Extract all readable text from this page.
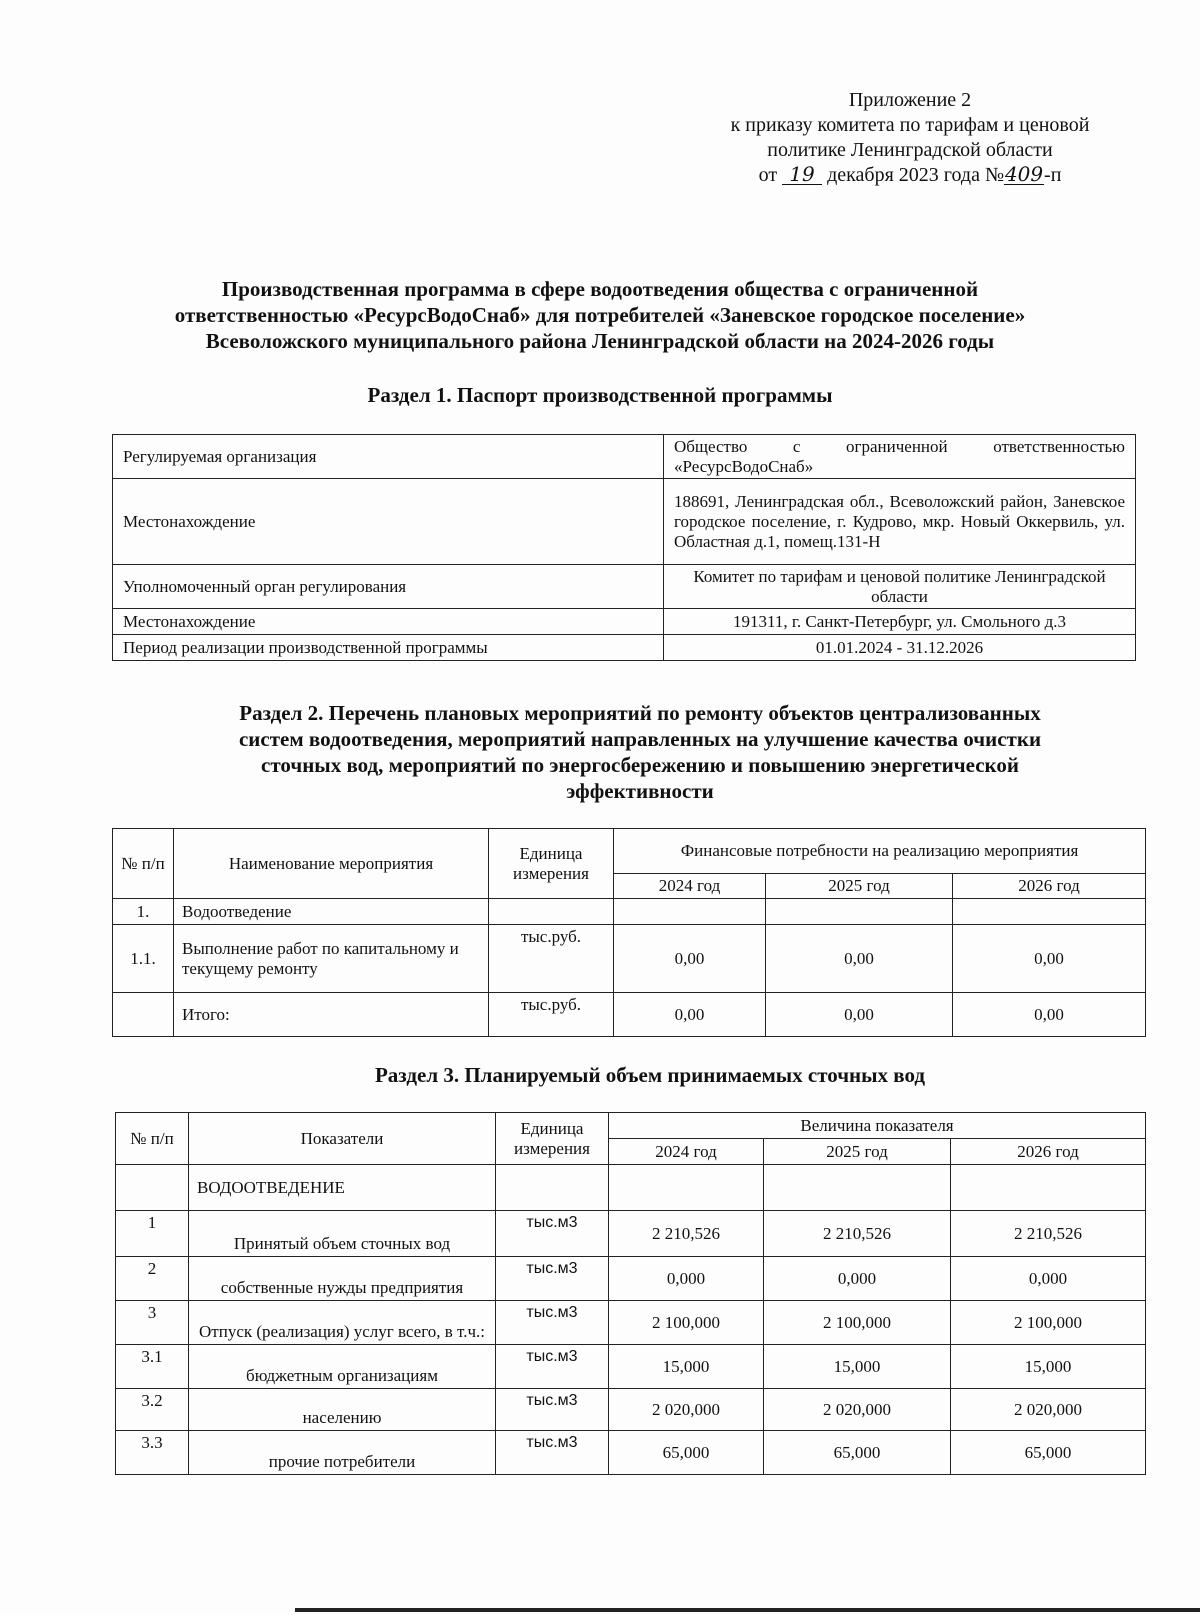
Приложение 2
к приказу комитета по тарифам и ценовой
политике Ленинградской области
от 19 декабря 2023 года №409-п
Производственная программа в сфере водоотведения общества с ограниченной
ответственностью «РесурсВодоСнаб» для потребителей «Заневское городское поселение»
Всеволожского муниципального района Ленинградской области на 2024-2026 годы
Раздел 1. Паспорт производственной программы
Регулируемая организация	Общество с ограниченной ответственностью «РесурсВодоСнаб»
Местонахождение	188691, Ленинградская обл., Всеволожский район, Заневское городское поселение, г. Кудрово, мкр. Новый Оккервиль, ул. Областная д.1, помещ.131-Н
Уполномоченный орган регулирования	Комитет по тарифам и ценовой политике Ленинградской области
Местонахождение	191311, г. Санкт-Петербург, ул. Смольного д.3
Период реализации производственной программы	01.01.2024 - 31.12.2026
Раздел 2. Перечень плановых мероприятий по ремонту объектов централизованных
систем водоотведения, мероприятий направленных на улучшение качества очистки
сточных вод, мероприятий по энергосбережению и повышению энергетической
эффективности
№ п/п	Наименование мероприятия	Единица измерения	Финансовые потребности на реализацию мероприятия		
			2024 год	2025 год	2026 год
1.	Водоотведение				
1.1.	Выполнение работ по капитальному и текущему ремонту	тыс.руб.	0,00	0,00	0,00
	Итого:	тыс.руб.	0,00	0,00	0,00
Раздел 3. Планируемый объем принимаемых сточных вод
№ п/п	Показатели	Единица измерения	Величина показателя		
			2024 год	2025 год	2026 год
	ВОДООТВЕДЕНИЕ				
1	Принятый объем сточных вод	тыс.м3	2 210,526	2 210,526	2 210,526
2	собственные нужды предприятия	тыс.м3	0,000	0,000	0,000
3	Отпуск (реализация) услуг всего, в т.ч.:	тыс.м3	2 100,000	2 100,000	2 100,000
3.1	бюджетным организациям	тыс.м3	15,000	15,000	15,000
3.2	населению	тыс.м3	2 020,000	2 020,000	2 020,000
3.3	прочие потребители	тыс.м3	65,000	65,000	65,000
